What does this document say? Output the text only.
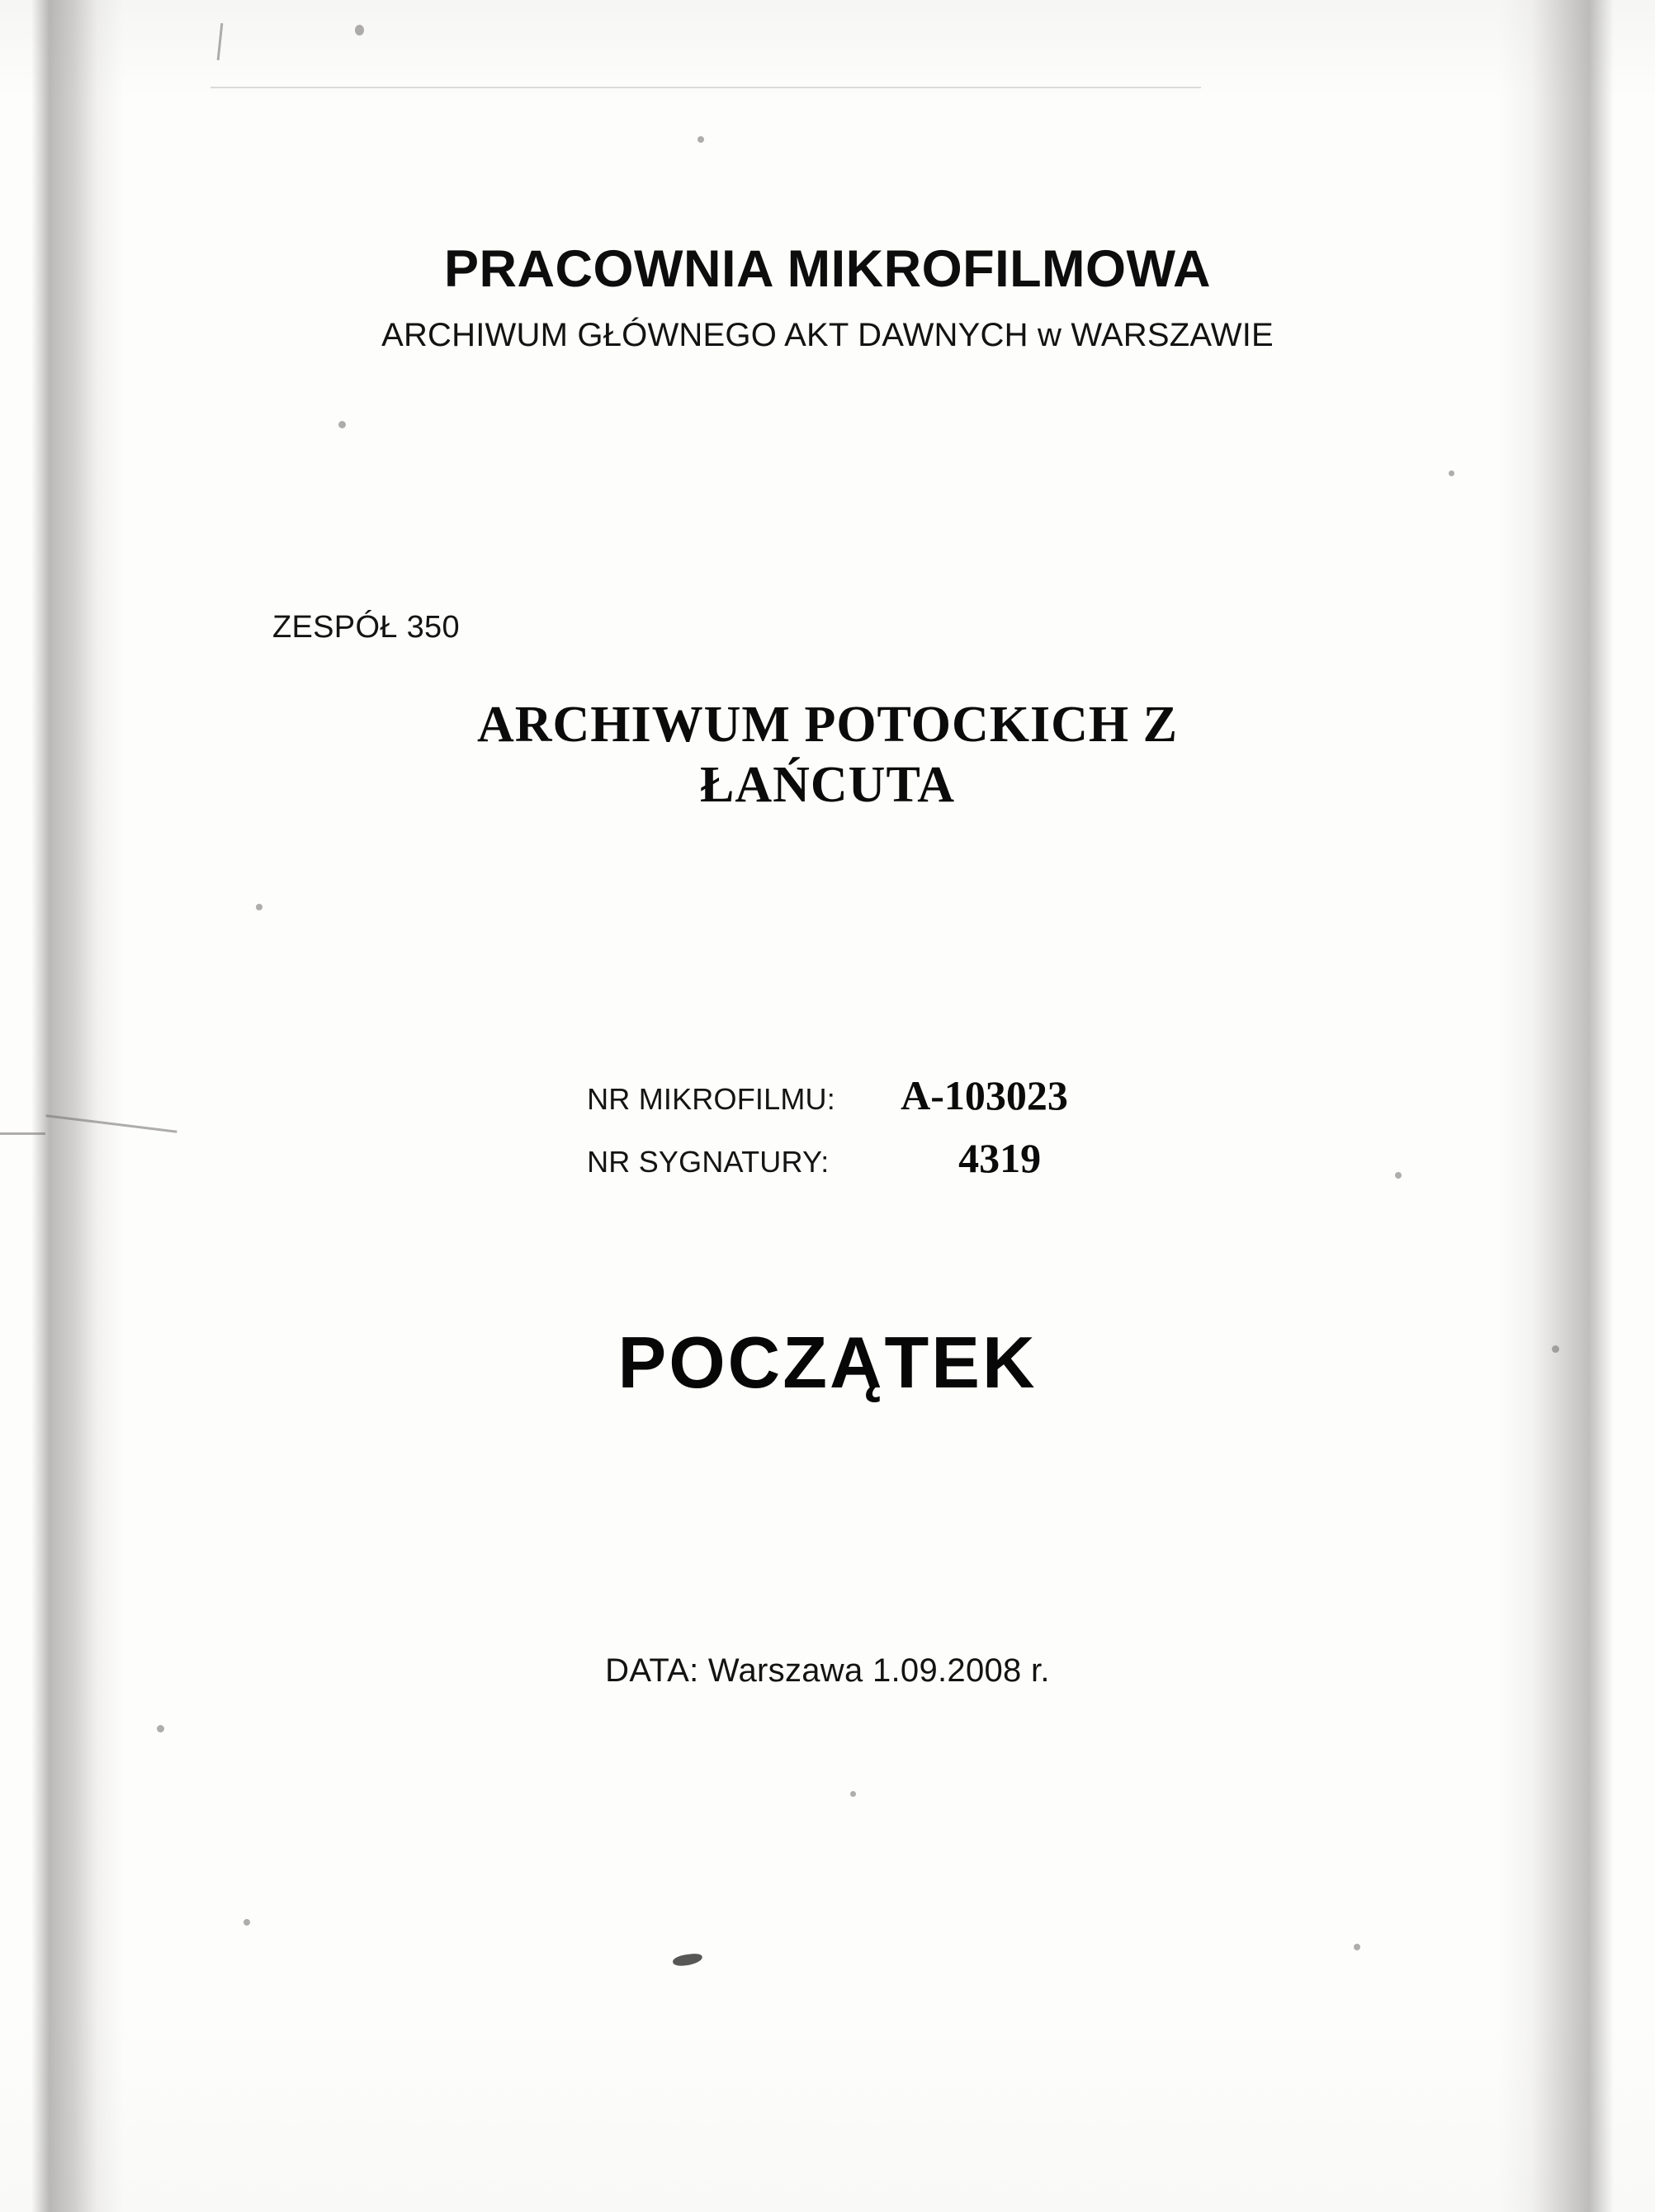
PRACOWNIA MIKROFILMOWA
ARCHIWUM GŁÓWNEGO AKT DAWNYCH w WARSZAWIE
ZESPÓŁ 350
ARCHIWUM POTOCKICH Z
ŁAŃCUTA
NR MIKROFILMU:	A-103023
NR SYGNATURY:	4319
POCZĄTEK
DATA: Warszawa 1.09.2008 r.
